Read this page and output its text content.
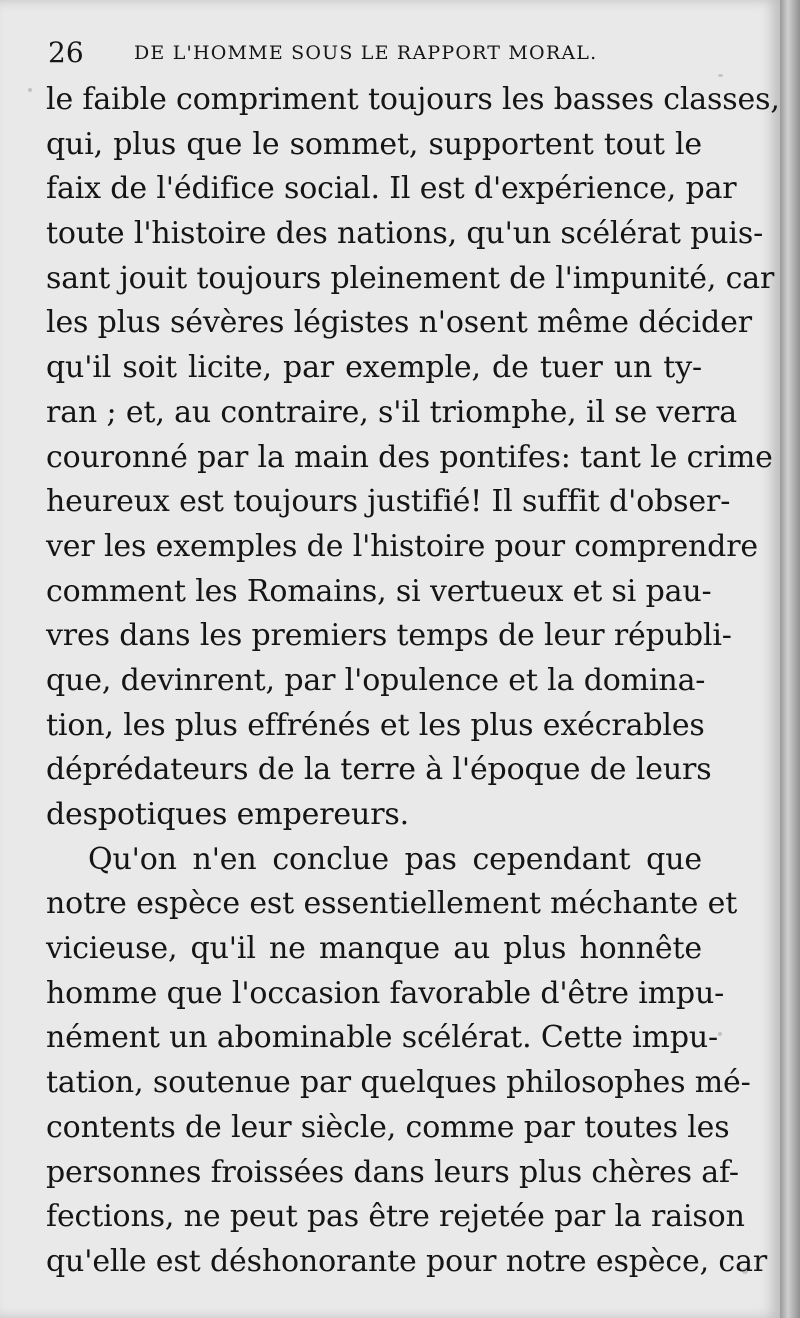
26	DE L'HOMME SOUS LE RAPPORT MORAL.
le faible compriment toujours les basses classes,
qui, plus que le sommet, supportent tout le
faix de l'édifice social. Il est d'expérience, par
toute l'histoire des nations, qu'un scélérat puis-
sant jouit toujours pleinement de l'impunité, car
les plus sévères légistes n'osent même décider
qu'il soit licite, par exemple, de tuer un ty-
ran ; et, au contraire, s'il triomphe, il se verra
couronné par la main des pontifes: tant le crime
heureux est toujours justifié! Il suffit d'obser-
ver les exemples de l'histoire pour comprendre
comment les Romains, si vertueux et si pau-
vres dans les premiers temps de leur républi-
que, devinrent, par l'opulence et la domina-
tion, les plus effrénés et les plus exécrables
déprédateurs de la terre à l'époque de leurs
despotiques empereurs.
Qu'on n'en conclue pas cependant que
notre espèce est essentiellement méchante et
vicieuse, qu'il ne manque au plus honnête
homme que l'occasion favorable d'être impu-
nément un abominable scélérat. Cette impu-
tation, soutenue par quelques philosophes mé-
contents de leur siècle, comme par toutes les
personnes froissées dans leurs plus chères af-
fections, ne peut pas être rejetée par la raison
qu'elle est déshonorante pour notre espèce, car
